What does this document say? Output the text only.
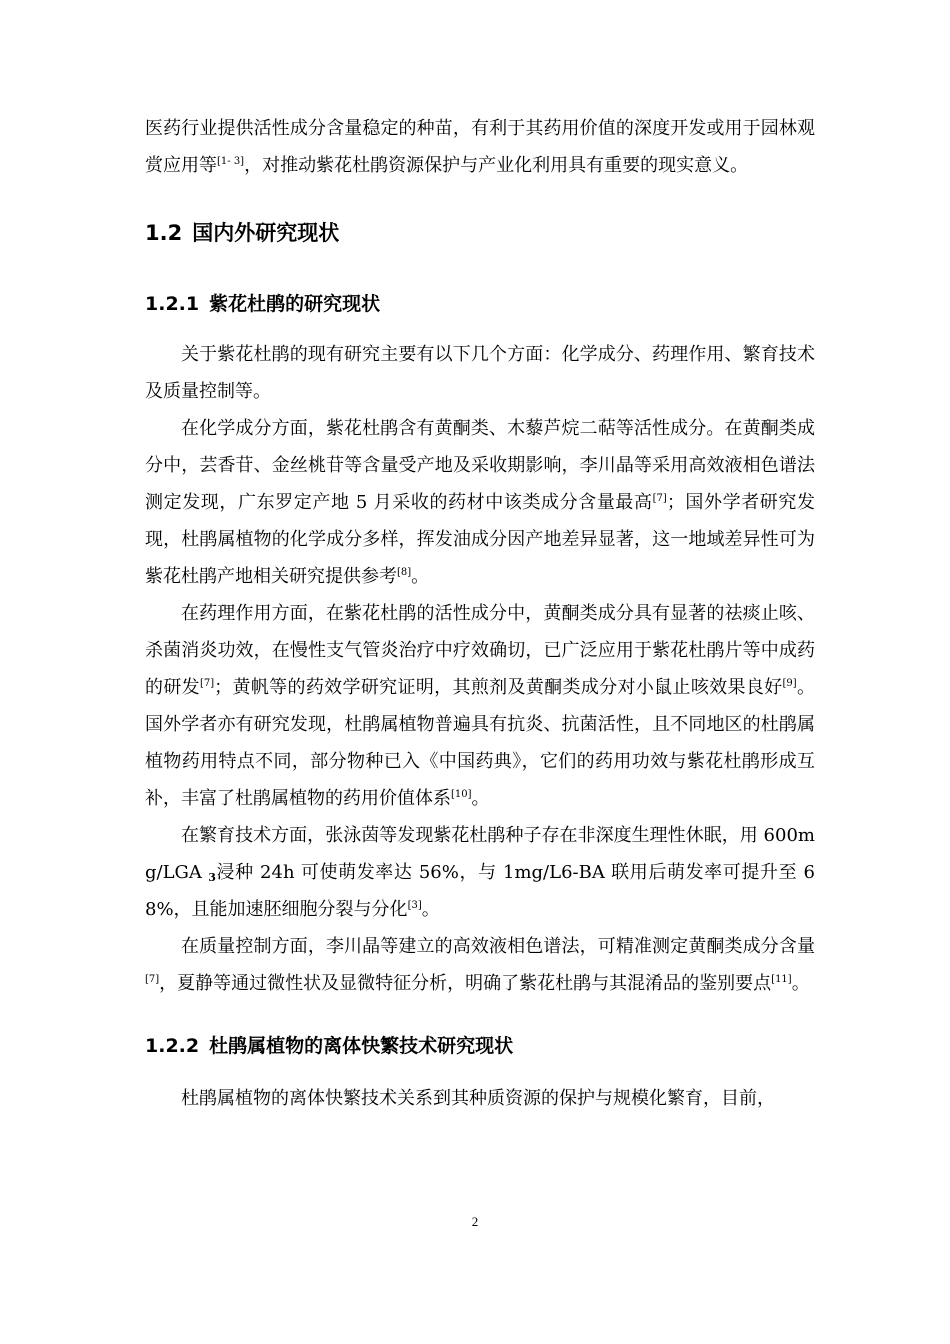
医药行业提供活性成分含量稳定的种苗，有利于其药用价值的深度开发或用于园林观赏应用等[1- 3]，对推动紫花杜鹃资源保护与产业化利用具有重要的现实意义。

1.2 国内外研究现状
1.2.1 紫花杜鹃的研究现状

关于紫花杜鹃的现有研究主要有以下几个方面：化学成分、药理作用、繁育技术及质量控制等。

在化学成分方面，紫花杜鹃含有黄酮类、木藜芦烷二萜等活性成分。在黄酮类成分中，芸香苷、金丝桃苷等含量受产地及采收期影响，李川晶等采用高效液相色谱法测定发现，广东罗定产地 5 月采收的药材中该类成分含量最高[7]；国外学者研究发现，杜鹃属植物的化学成分多样，挥发油成分因产地差异显著，这一地域差异性可为紫花杜鹃产地相关研究提供参考[8]。

在药理作用方面，在紫花杜鹃的活性成分中，黄酮类成分具有显著的祛痰止咳、杀菌消炎功效，在慢性支气管炎治疗中疗效确切，已广泛应用于紫花杜鹃片等中成药的研发[7]；黄帆等的药效学研究证明，其煎剂及黄酮类成分对小鼠止咳效果良好[9]。国外学者亦有研究发现，杜鹃属植物普遍具有抗炎、抗菌活性，且不同地区的杜鹃属植物药用特点不同，部分物种已入《中国药典》，它们的药用功效与紫花杜鹃形成互补，丰富了杜鹃属植物的药用价值体系[10]。

在繁育技术方面，张泳茵等发现紫花杜鹃种子存在非深度生理性休眠，用 600mg/LGA $_3$浸种 24h 可使萌发率达 56%，与 1mg/L6-BA 联用后萌发率可提升至 68%，且能加速胚细胞分裂与分化[3]。

在质量控制方面，李川晶等建立的高效液相色谱法，可精准测定黄酮类成分含量[7]，夏静等通过微性状及显微特征分析，明确了紫花杜鹃与其混淆品的鉴别要点[11]。

1.2.2 杜鹃属植物的离体快繁技术研究现状

杜鹃属植物的离体快繁技术关系到其种质资源的保护与规模化繁育，目前，

2
